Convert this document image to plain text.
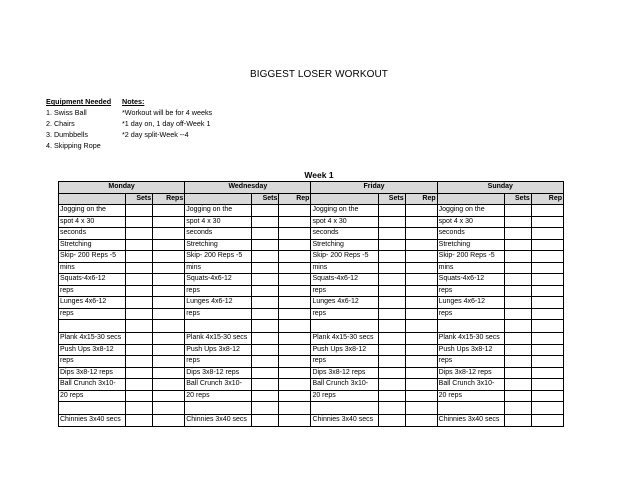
BIGGEST LOSER WORKOUT
Equipment Needed
1. Swiss Ball
2. Chairs
3. Dumbbells
4. Skipping Rope
Notes:
*Workout will be for 4 weeks
*1 day on, 1 day off-Week 1
*2 day split-Week --4
Week 1
Monday			Wednesday			Friday			Sunday		
	Sets	Reps		Sets	Rep		Sets	Rep		Sets	Rep
Jogging on the			Jogging on the			Jogging on the			Jogging on the		
spot 4 x 30			spot 4 x 30			spot 4 x 30			spot 4 x 30		
seconds			seconds			seconds			seconds		
Stretching			Stretching			Stretching			Stretching		
Skip- 200 Reps -5			Skip- 200 Reps -5			Skip- 200 Reps -5			Skip- 200 Reps -5		
mins			mins			mins			mins		
Squats-4x6-12			Squats-4x6-12			Squats-4x6-12			Squats-4x6-12		
reps			reps			reps			reps		
Lunges 4x6-12			Lunges 4x6-12			Lunges 4x6-12			Lunges 4x6-12		
reps			reps			reps			reps		

Plank 4x15-30 secs			Plank 4x15-30 secs			Plank 4x15-30 secs			Plank 4x15-30 secs		
Push Ups 3x8-12			Push Ups 3x8-12			Push Ups 3x8-12			Push Ups 3x8-12		
reps			reps			reps			reps		
Dips 3x8-12 reps			Dips 3x8-12 reps			Dips 3x8-12 reps			Dips 3x8-12 reps		
Ball Crunch 3x10-			Ball Crunch 3x10-			Ball Crunch 3x10-			Ball Crunch 3x10-		
20 reps			20 reps			20 reps			20 reps		

Chinnies 3x40 secs			Chinnies 3x40 secs			Chinnies 3x40 secs			Chinnies 3x40 secs		
